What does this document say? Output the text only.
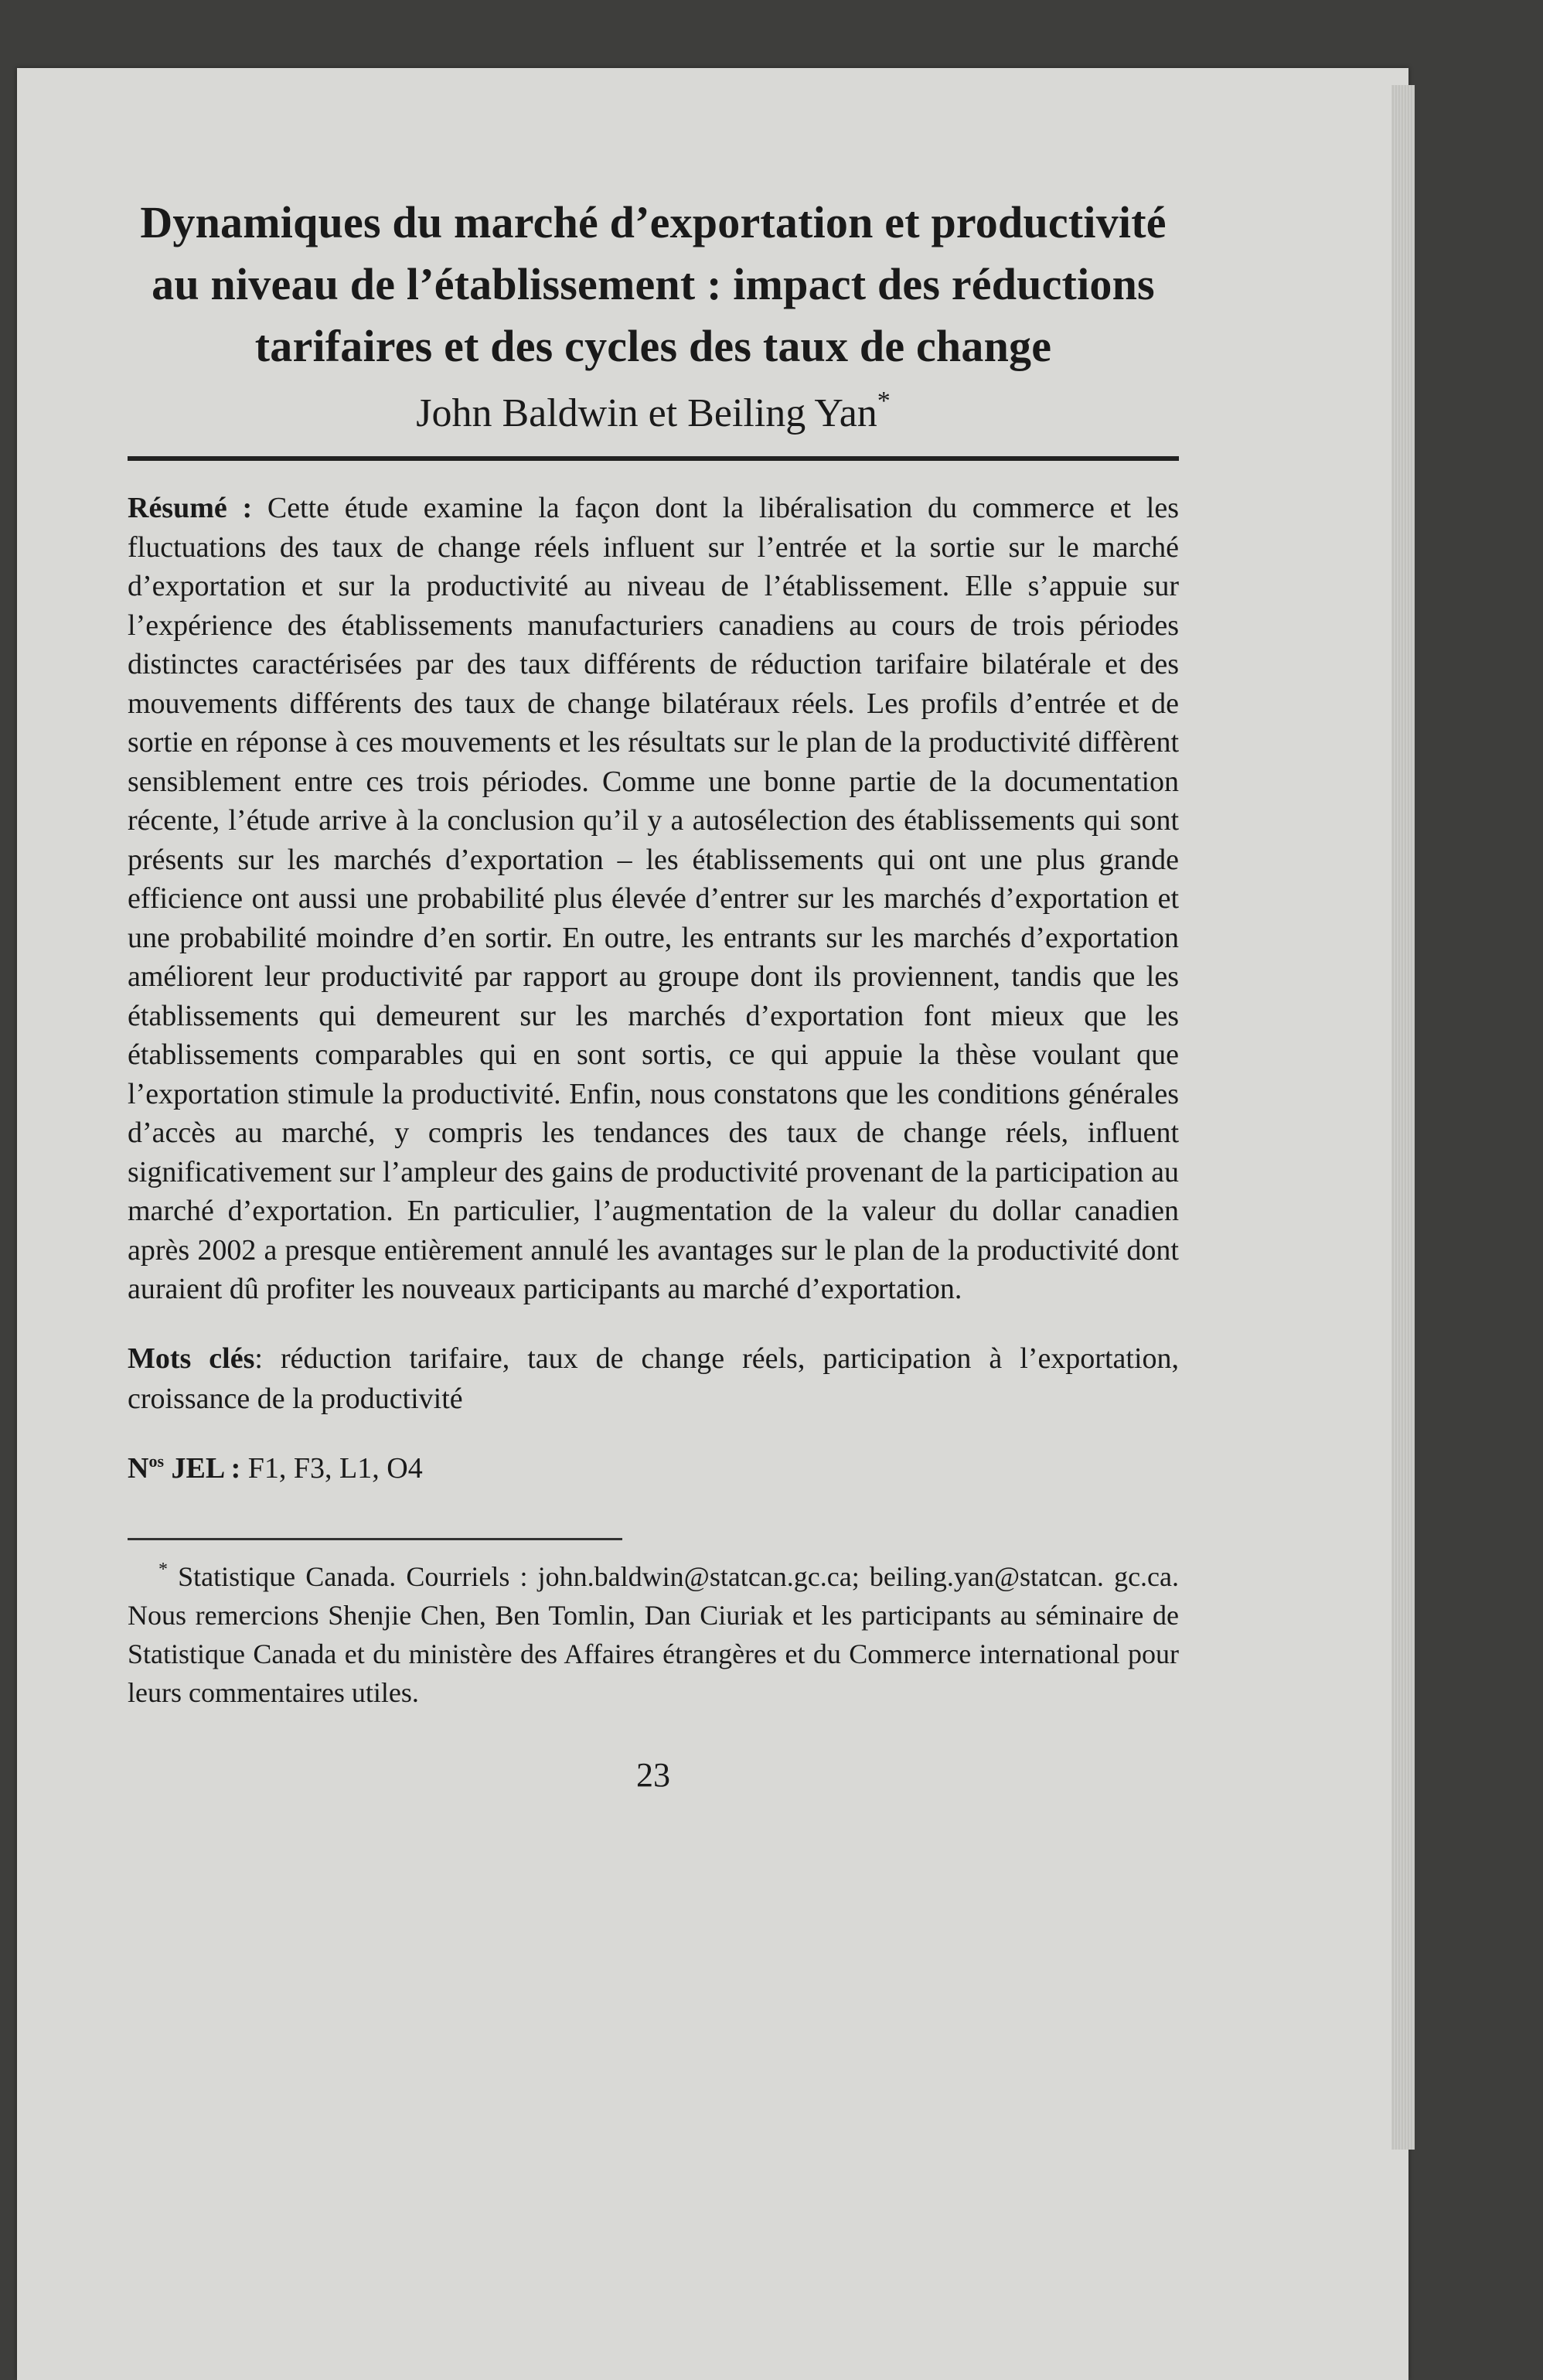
Dynamiques du marché d’exportation et productivité au niveau de l’établissement : impact des réductions tarifaires et des cycles des taux de change
John Baldwin et Beiling Yan*

Résumé : Cette étude examine la façon dont la libéralisation du commerce et les fluctuations des taux de change réels influent sur l’entrée et la sortie sur le marché d’exportation et sur la productivité au niveau de l’établissement. Elle s’appuie sur l’expérience des établissements manufacturiers canadiens au cours de trois périodes distinctes caractérisées par des taux différents de réduction tarifaire bilatérale et des mouvements différents des taux de change bilatéraux réels. Les profils d’entrée et de sortie en réponse à ces mouvements et les résultats sur le plan de la productivité diffèrent sensiblement entre ces trois périodes. Comme une bonne partie de la documentation récente, l’étude arrive à la conclusion qu’il y a autosélection des établissements qui sont présents sur les marchés d’exportation – les établissements qui ont une plus grande efficience ont aussi une probabilité plus élevée d’entrer sur les marchés d’exportation et une probabilité moindre d’en sortir. En outre, les entrants sur les marchés d’exportation améliorent leur productivité par rapport au groupe dont ils proviennent, tandis que les établissements qui demeurent sur les marchés d’exportation font mieux que les établissements comparables qui en sont sortis, ce qui appuie la thèse voulant que l’exportation stimule la productivité. Enfin, nous constatons que les conditions générales d’accès au marché, y compris les tendances des taux de change réels, influent significativement sur l’ampleur des gains de productivité provenant de la participation au marché d’exportation. En particulier, l’augmentation de la valeur du dollar canadien après 2002 a presque entièrement annulé les avantages sur le plan de la productivité dont auraient dû profiter les nouveaux participants au marché d’exportation.

Mots clés: réduction tarifaire, taux de change réels, participation à l’exportation, croissance de la productivité

$N^{os}$ JEL : F1, F3, L1, O4

* Statistique Canada. Courriels : john.baldwin@statcan.gc.ca; beiling.yan@statcan. gc.ca. Nous remercions Shenjie Chen, Ben Tomlin, Dan Ciuriak et les participants au séminaire de Statistique Canada et du ministère des Affaires étrangères et du Commerce international pour leurs commentaires utiles.

23
